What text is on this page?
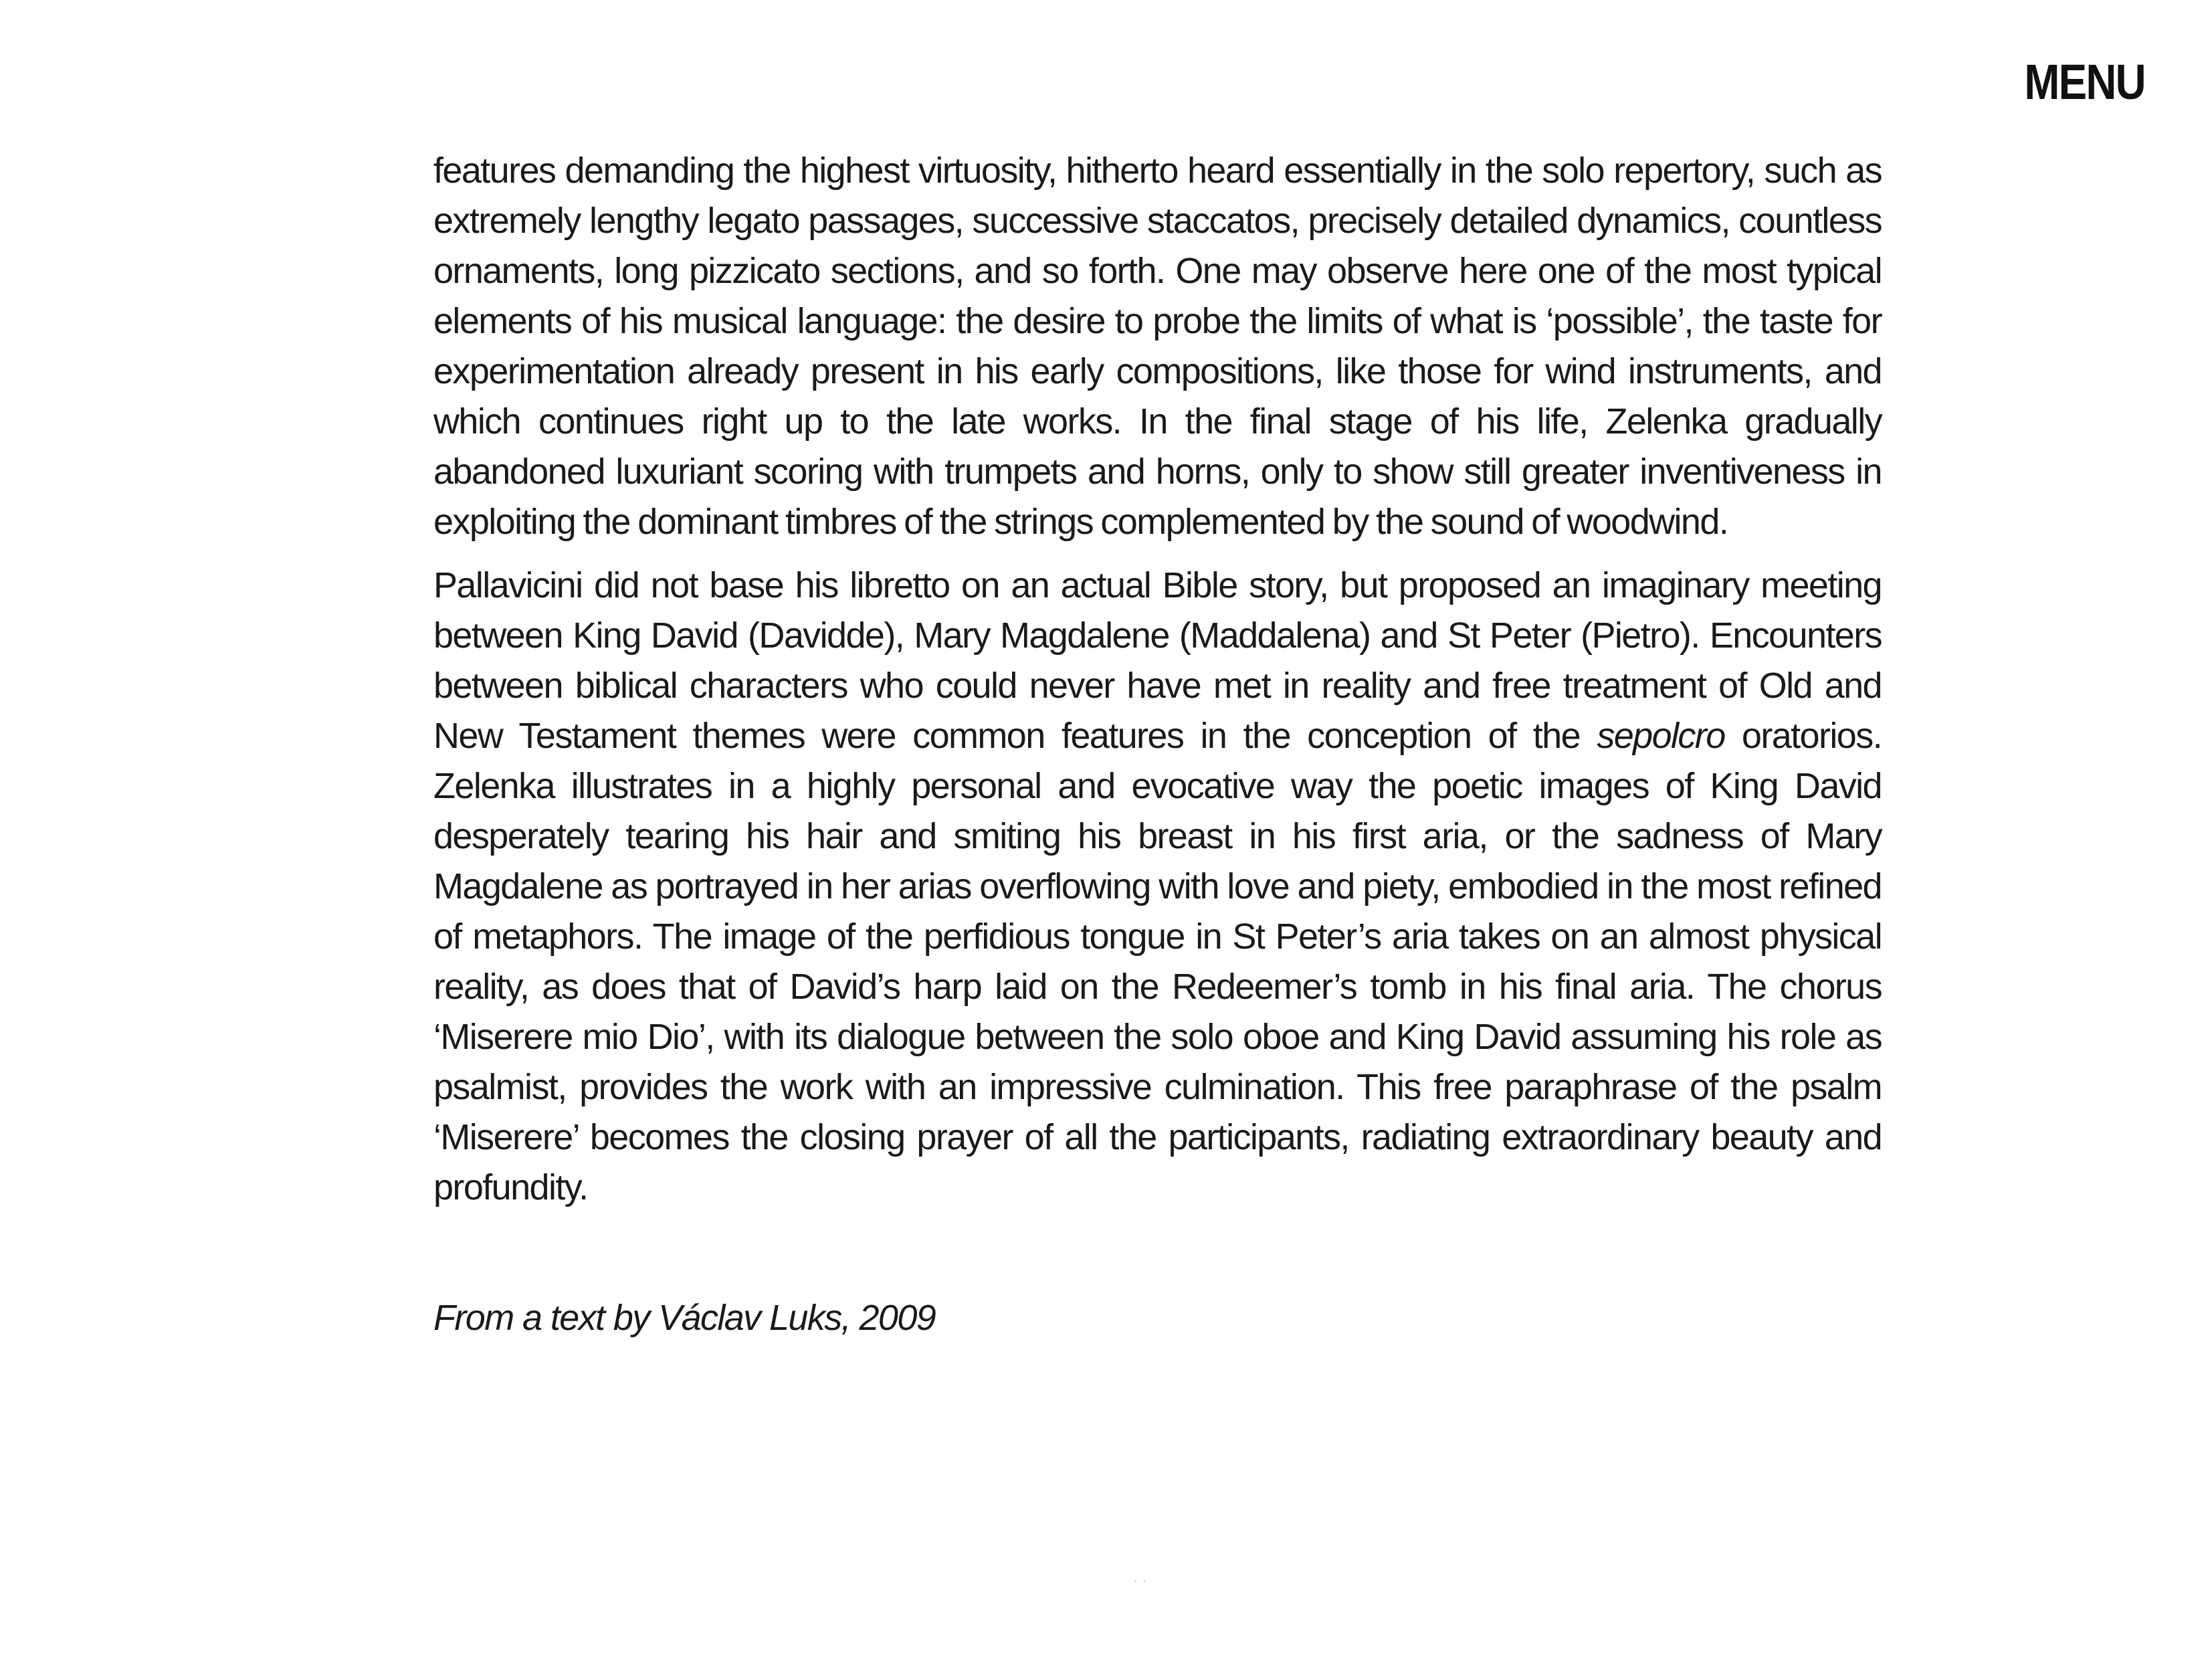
MENU

features demanding the highest virtuosity, hitherto heard essentially in the solo repertory, such as extremely lengthy legato passages, successive staccatos, precisely detailed dynamics, countless ornaments, long pizzicato sections, and so forth. One may observe here one of the most typical elements of his musical language: the desire to probe the limits of what is ‘possible’, the taste for experimentation already present in his early compositions, like those for wind instruments, and which continues right up to the late works. In the final stage of his life, Zelenka gradually abandoned luxuriant scoring with trumpets and horns, only to show still greater inventiveness in exploiting the dominant timbres of the strings complemented by the sound of woodwind.

Pallavicini did not base his libretto on an actual Bible story, but proposed an imaginary meeting between King David (Davidde), Mary Magdalene (Maddalena) and St Peter (Pietro). Encounters between biblical characters who could never have met in reality and free treatment of Old and New Testament themes were common features in the conception of the sepolcro oratorios. Zelenka illustrates in a highly personal and evocative way the poetic images of King David desperately tearing his hair and smiting his breast in his first aria, or the sadness of Mary Magdalene as portrayed in her arias overflowing with love and piety, embodied in the most refined of metaphors. The image of the perfidious tongue in St Peter’s aria takes on an almost physical reality, as does that of David’s harp laid on the Redeemer’s tomb in his final aria. The chorus ‘Miserere mio Dio’, with its dialogue between the solo oboe and King David assuming his role as psalmist, provides the work with an impressive culmination. This free paraphrase of the psalm ‘Miserere’ becomes the closing prayer of all the participants, radiating extraordinary beauty and profundity.

From a text by Václav Luks, 2009
· ·
